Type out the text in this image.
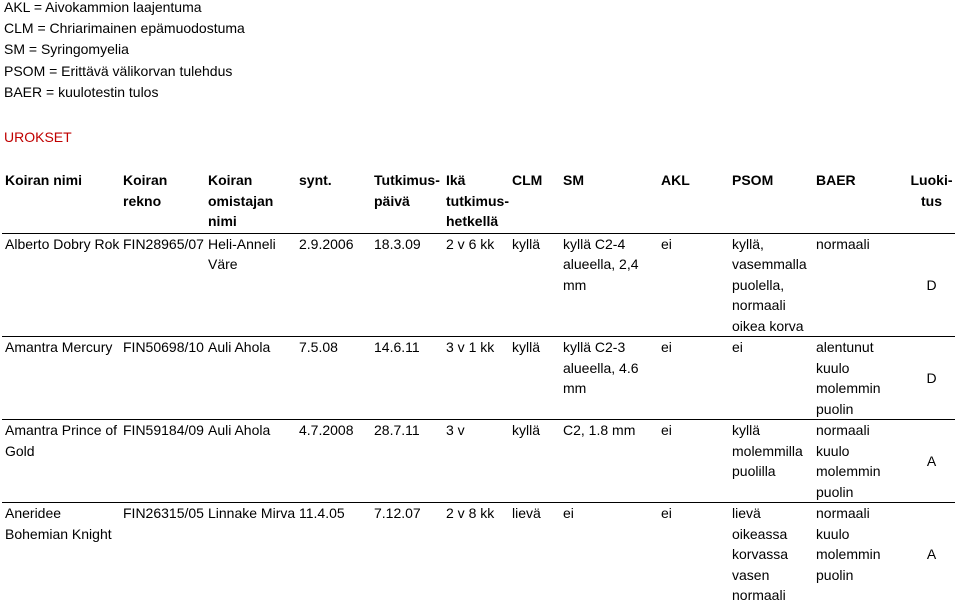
AKL = Aivokammion laajentuma
CLM = Chriarimainen epämuodostuma
SM = Syringomyelia
PSOM = Erittävä välikorvan tulehdus
BAER = kuulotestin tulos
UROKSET
Koiran nimi	Koiran rekno	Koiran
omistajan
nimi	synt.	Tutkimus-
päivä	Ikä
tutkimus-
hetkellä	CLM	SM	AKL	PSOM	BAER	Luoki-
tus
Alberto Dobry Rok	FIN28965/07	Heli-Anneli
Väre	2.9.2006	18.3.09	2 v 6 kk	kyllä	kyllä C2-4
alueella, 2,4
mm	ei	kyllä,
vasemmalla
puolella,
normaali
oikea korva	normaali	D
Amantra Mercury	FIN50698/10	Auli Ahola	7.5.08	14.6.11	3 v 1 kk	kyllä	kyllä C2-3
alueella, 4.6
mm	ei	ei	alentunut
kuulo
molemmin
puolin	D
Amantra Prince of
Gold	FIN59184/09	Auli Ahola	4.7.2008	28.7.11	3 v	kyllä	C2, 1.8 mm	ei	kyllä
molemmilla
puolilla	normaali
kuulo
molemmin
puolin	A
Aneridee
Bohemian Knight	FIN26315/05	Linnake Mirva	11.4.05	7.12.07	2 v 8 kk	lievä	ei	ei	lievä
oikeassa
korvassa
vasen
normaali	normaali
kuulo
molemmin
puolin	A
